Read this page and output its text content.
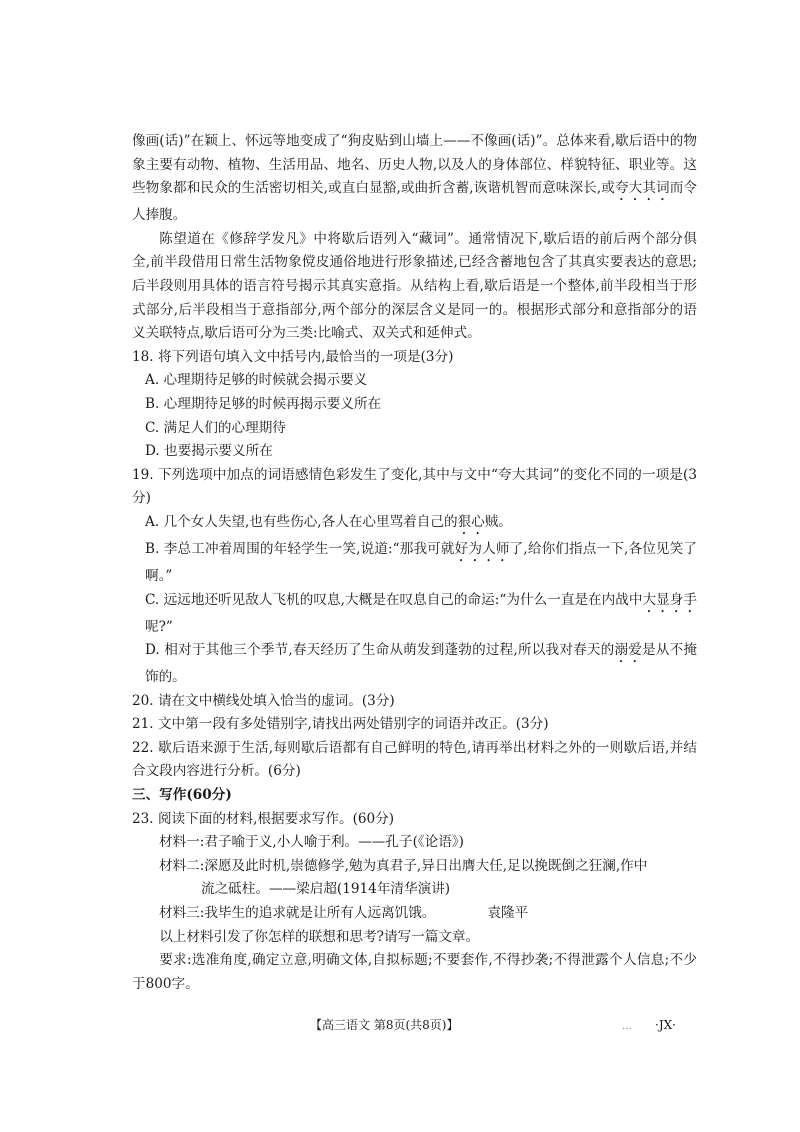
像画(话)”在颖上、怀远等地变成了“狗皮贴到山墙上——不像画(话)”。总体来看,歇后语中的物象主要有动物、植物、生活用品、地名、历史人物,以及人的身体部位、样貌特征、职业等。这些物象都和民众的生活密切相关,或直白显豁,或曲折含蓄,诙谐机智而意味深长,或夸大其词而令人捧腹。

陈望道在《修辞学发凡》中将歇后语列入“藏词”。通常情况下,歇后语的前后两个部分俱全,前半段借用日常生活物象傥皮通俗地进行形象描述,已经含蓄地包含了其真实要表达的意思;后半段则用具体的语言符号揭示其真实意指。从结构上看,歇后语是一个整体,前半段相当于形式部分,后半段相当于意指部分,两个部分的深层含义是同一的。根据形式部分和意指部分的语义关联特点,歇后语可分为三类:比喻式、双关式和延伸式。

18. 将下列语句填入文中括号内,最恰当的一项是(3分)

A. 心理期待足够的时候就会揭示要义

B. 心理期待足够的时候再揭示要义所在

C. 满足人们的心理期待

D. 也要揭示要义所在

19. 下列选项中加点的词语感情色彩发生了变化,其中与文中“夸大其词”的变化不同的一项是(3分)

A. 几个女人失望,也有些伤心,各人在心里骂着自己的狠心贼。

B. 李总工冲着周围的年轻学生一笑,说道:“那我可就好为人师了,给你们指点一下,各位见笑了啊。”

C. 远远地还听见敌人飞机的叹息,大概是在叹息自己的命运:“为什么一直是在内战中大显身手呢?”

D. 相对于其他三个季节,春天经历了生命从萌发到蓬勃的过程,所以我对春天的溺爱是从不掩饰的。

20. 请在文中横线处填入恰当的虚词。(3分)

21. 文中第一段有多处错别字,请找出两处错别字的词语并改正。(3分)

22. 歇后语来源于生活,每则歇后语都有自己鲜明的特色,请再举出材料之外的一则歇后语,并结合文段内容进行分析。(6分)

三、写作(60分)

23. 阅读下面的材料,根据要求写作。(60分)

材料一:君子喻于义,小人喻于利。——孔子(《论语》)

材料二:深愿及此时机,崇德修学,勉为真君子,异日出膺大任,足以挽既倒之狂澜,作中

流之砥柱。——梁启超(1914年清华演讲)

材料三:我毕生的追求就是让所有人远离饥饿。	袁隆平

以上材料引发了你怎样的联想和思考?请写一篇文章。

要求:选准角度,确定立意,明确文体,自拟标题;不要套作,不得抄袭;不得泄露个人信息;不少于800字。

【高三语文 第8页(共8页)】	… ·JX·
